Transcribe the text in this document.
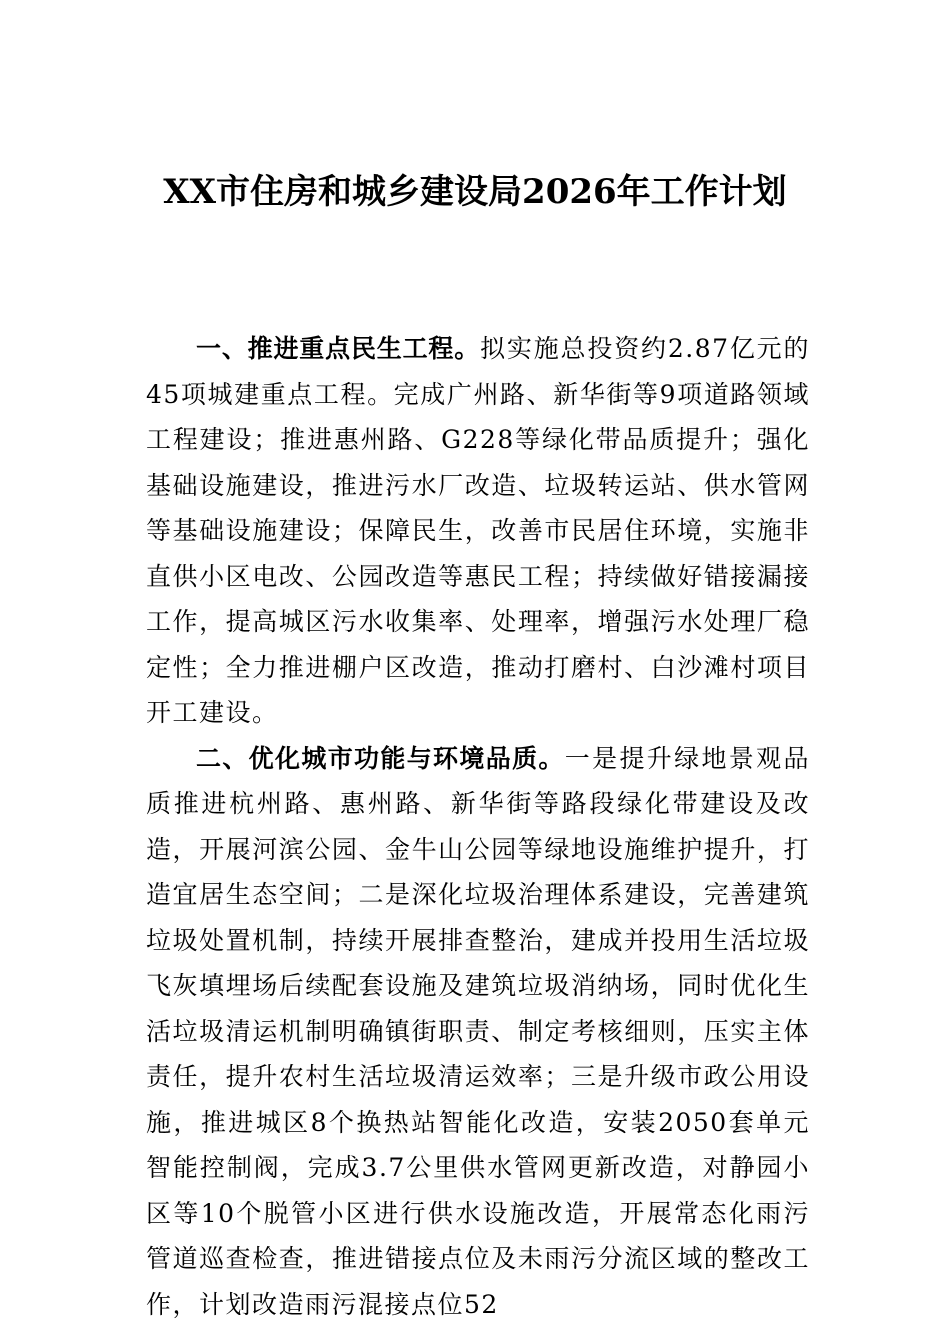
XX市住房和城乡建设局2026年工作计划

一、推进重点民生工程。拟实施总投资约2.87亿元的45项城建重点工程。完成广州路、新华街等9项道路领域工程建设；推进惠州路、G228等绿化带品质提升；强化基础设施建设，推进污水厂改造、垃圾转运站、供水管网等基础设施建设；保障民生，改善市民居住环境，实施非直供小区电改、公园改造等惠民工程；持续做好错接漏接工作，提高城区污水收集率、处理率，增强污水处理厂稳定性；全力推进棚户区改造，推动打磨村、白沙滩村项目开工建设。

二、优化城市功能与环境品质。一是提升绿地景观品质推进杭州路、惠州路、新华街等路段绿化带建设及改造，开展河滨公园、金牛山公园等绿地设施维护提升，打造宜居生态空间；二是深化垃圾治理体系建设，完善建筑垃圾处置机制，持续开展排查整治，建成并投用生活垃圾飞灰填埋场后续配套设施及建筑垃圾消纳场，同时优化生活垃圾清运机制明确镇街职责、制定考核细则，压实主体责任，提升农村生活垃圾清运效率；三是升级市政公用设施，推进城区8个换热站智能化改造，安装2050套单元智能控制阀，完成3.7公里供水管网更新改造，对静园小区等10个脱管小区进行供水设施改造，开展常态化雨污管道巡查检查，推进错接点位及未雨污分流区域的整改工作，计划改造雨污混接点位52
